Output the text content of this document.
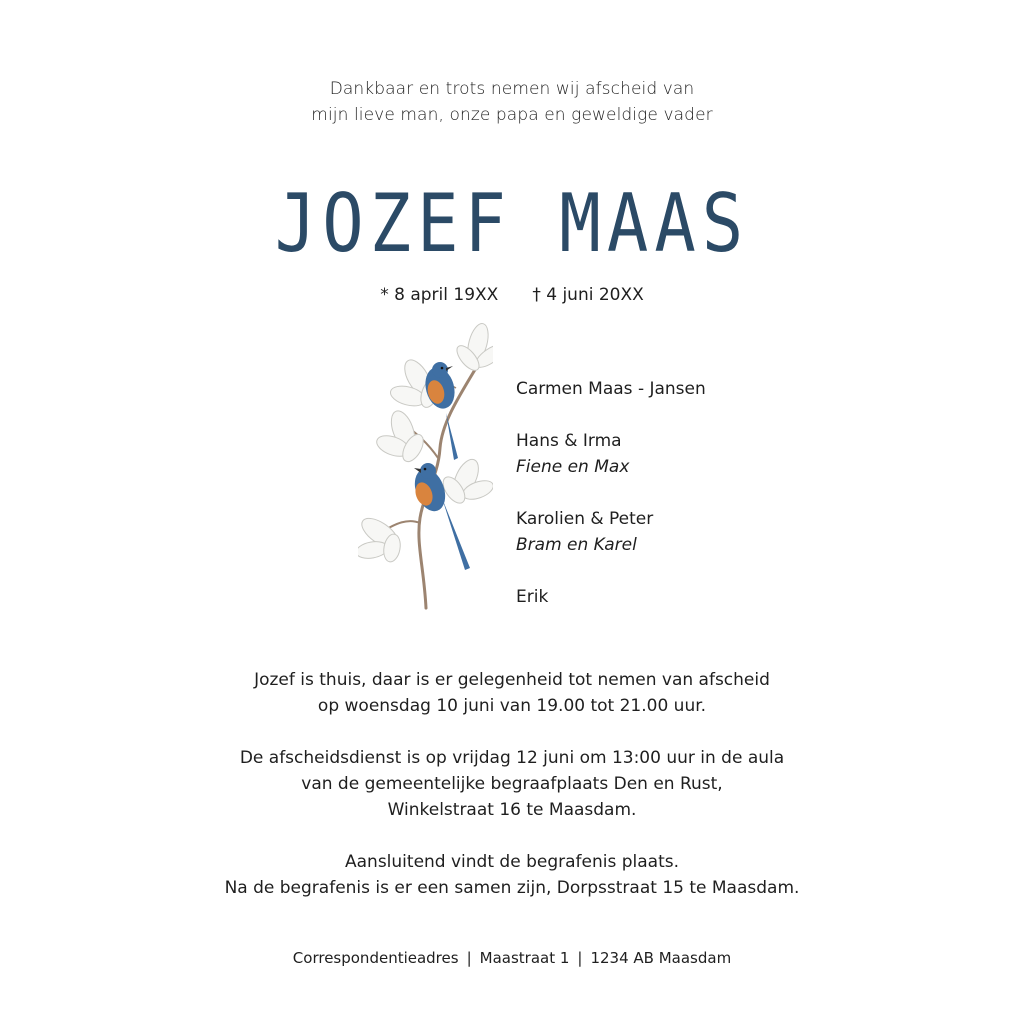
Dankbaar en trots nemen wij afscheid van
mijn lieve man, onze papa en geweldige vader
JOZEF MAAS
* 8 april 19XX † 4 juni 20XX
Carmen Maas - Jansen
Hans & Irma
Fiene en Max
Karolien & Peter
Bram en Karel
Erik
Jozef is thuis, daar is er gelegenheid tot nemen van afscheid
op woensdag 10 juni van 19.00 tot 21.00 uur.
De afscheidsdienst is op vrijdag 12 juni om 13:00 uur in de aula
van de gemeentelijke begraafplaats Den en Rust,
Winkelstraat 16 te Maasdam.
Aansluitend vindt de begrafenis plaats.
Na de begrafenis is er een samen zijn, Dorpsstraat 15 te Maasdam.
Correspondentieadres | Maastraat 1 | 1234 AB Maasdam
